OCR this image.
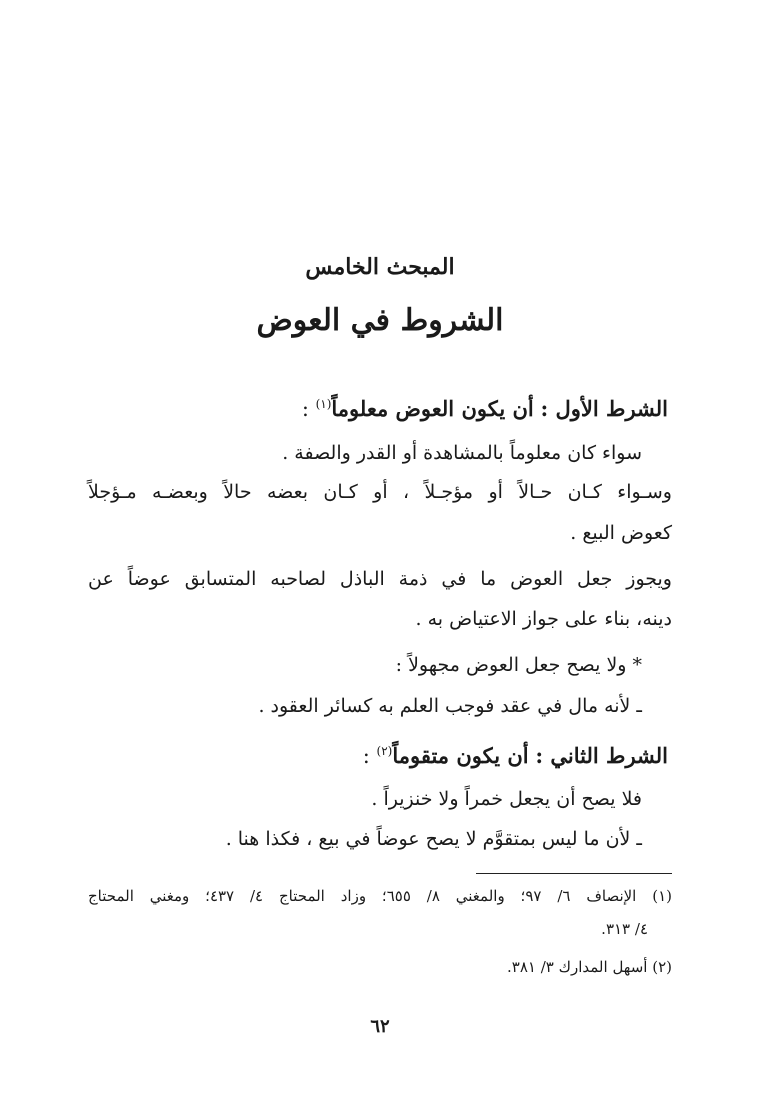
المبحث الخامس
الشروط في العوض
الشرط الأول : أن يكون العوض معلوماً$^{(١)}$ :
سواء كان معلوماً بالمشاهدة أو القدر والصفة .
وسـواء كـان حـالاً أو مؤجـلاً ، أو كـان بعضه حالاً وبعضـه مـؤجلاً
كعوض البيع .
ويجوز جعل العوض ما في ذمة الباذل لصاحبه المتسابق عوضاً عن
دينه، بناء على جواز الاعتياض به .
* ولا يصح جعل العوض مجهولاً :
ـ لأنه مال في عقد فوجب العلم به كسائر العقود .
الشرط الثاني : أن يكون متقوماً$^{(٢)}$ :
فلا يصح أن يجعل خمراً ولا خنزيراً .
ـ لأن ما ليس بمتقوَّم لا يصح عوضاً في بيع ، فكذا هنا .
(١) الإنصاف ٦/ ٩٧؛ والمغني ٨/ ٦٥٥؛ وزاد المحتاج ٤/ ٤٣٧؛ ومغني المحتاج
٤/ ٣١٣.
(٢) أسهل المدارك ٣/ ٣٨١.
٦٢
